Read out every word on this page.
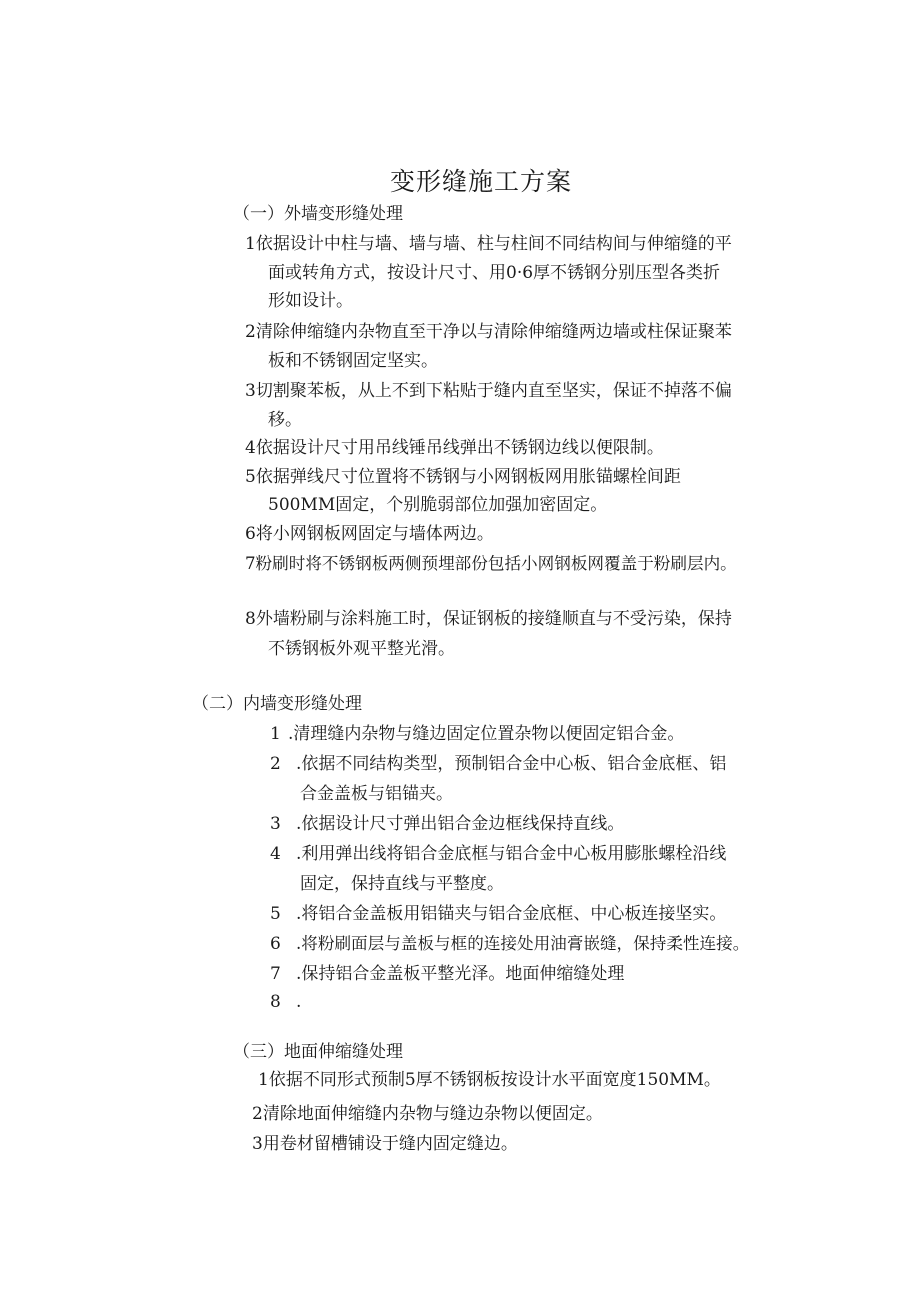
变形缝施工方案
（一）外墙变形缝处理
1依据设计中柱与墙、墙与墙、柱与柱间不同结构间与伸缩缝的平
面或转角方式，按设计尺寸、用0·6厚不锈钢分别压型各类折
形如设计。
2清除伸缩缝内杂物直至干净以与清除伸缩缝两边墙或柱保证聚苯
板和不锈钢固定坚实。
3切割聚苯板，从上不到下粘贴于缝内直至坚实，保证不掉落不偏
移。
4依据设计尺寸用吊线锤吊线弹出不锈钢边线以便限制。
5依据弹线尺寸位置将不锈钢与小网钢板网用胀锚螺栓间距
500MM固定，个别脆弱部位加强加密固定。
6将小网钢板网固定与墙体两边。
7粉刷时将不锈钢板两侧预埋部份包括小网钢板网覆盖于粉刷层内。
8外墙粉刷与涂料施工时，保证钢板的接缝顺直与不受污染，保持
不锈钢板外观平整光滑。
（二）内墙变形缝处理
1 .清理缝内杂物与缝边固定位置杂物以便固定铝合金。
2 .依据不同结构类型，预制铝合金中心板、铝合金底框、铝
合金盖板与铝锚夹。
3 .依据设计尺寸弹出铝合金边框线保持直线。
4 .利用弹出线将铝合金底框与铝合金中心板用膨胀螺栓沿线
固定，保持直线与平整度。
5 .将铝合金盖板用铝锚夹与铝合金底框、中心板连接坚实。
6 .将粉刷面层与盖板与框的连接处用油膏嵌缝，保持柔性连接。
7 .保持铝合金盖板平整光泽。地面伸缩缝处理
8 .
（三）地面伸缩缝处理
1依据不同形式预制5厚不锈钢板按设计水平面宽度150MM。
2清除地面伸缩缝内杂物与缝边杂物以便固定。
3用卷材留槽铺设于缝内固定缝边。
